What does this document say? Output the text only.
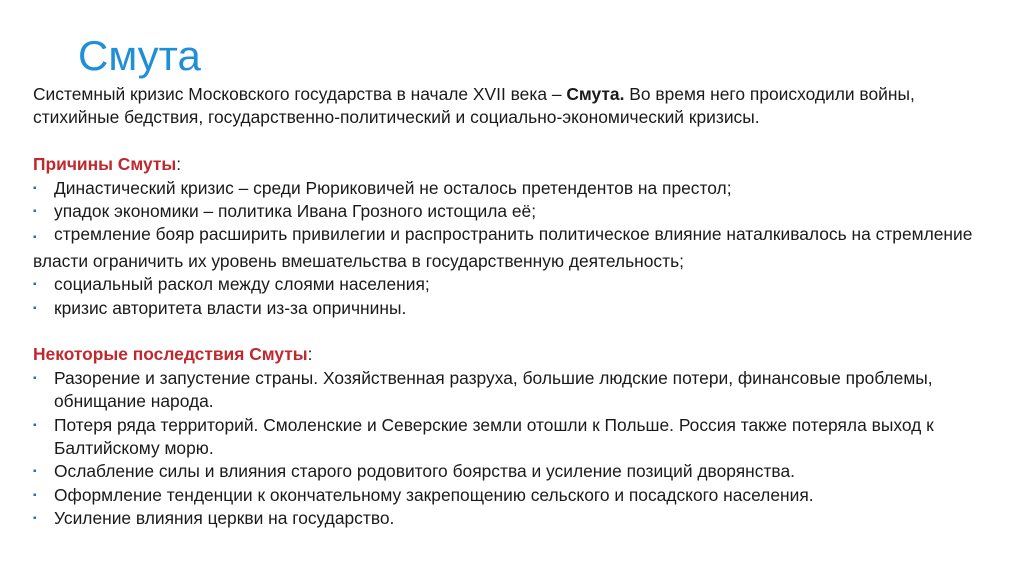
Смута

Системный кризис Московского государства в начале XVII века – Смута. Во время него происходили войны, стихийные бедствия, государственно-политический и социально-экономический кризисы.

Причины Смуты:

▪	Династический кризис – среди Рюриковичей не осталось претендентов на престол;
▪	упадок экономики – политика Ивана Грозного истощила её;
▪ стремление бояр расширить привилегии и распространить политическое влияние наталкивалось на стремление власти ограничить их уровень вмешательства в государственную деятельность;
▪	социальный раскол между слоями населения;
▪	кризис авторитета власти из-за опричнины.

Некоторые последствия Смуты:

▪	Разорение и запустение страны. Хозяйственная разруха, большие людские потери, финансовые проблемы, обнищание народа.
▪	Потеря ряда территорий. Смоленские и Северские земли отошли к Польше. Россия также потеряла выход к Балтийскому морю.
▪	Ослабление силы и влияния старого родовитого боярства и усиление позиций дворянства.
▪	Оформление тенденции к окончательному закрепощению сельского и посадского населения.
▪	Усиление влияния церкви на государство.
